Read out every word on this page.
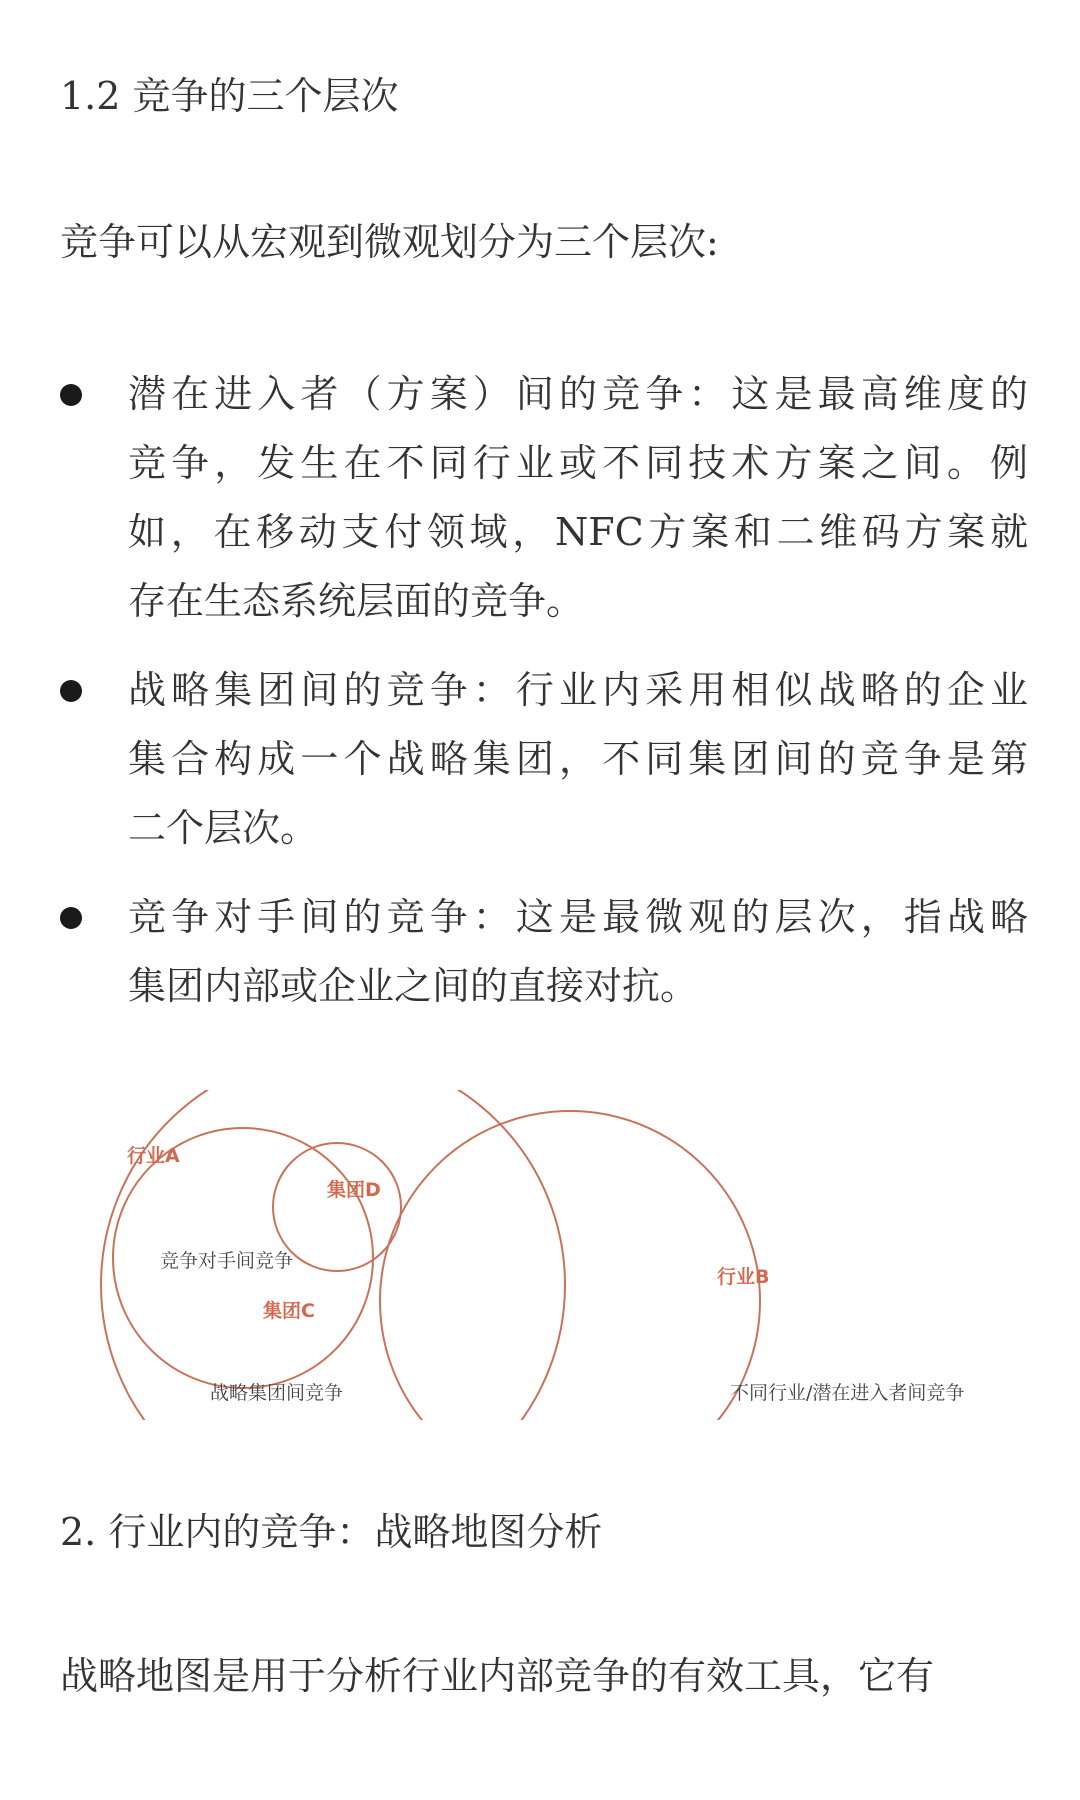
1.2 竞争的三个层次

竞争可以从宏观到微观划分为三个层次:

潜在进入者（方案）间的竞争：这是最高维度的
竞争，发生在不同行业或不同技术方案之间。例
如，在移动支付领域，NFC方案和二维码方案就
存在生态系统层面的竞争。
战略集团间的竞争：行业内采用相似战略的企业
集合构成一个战略集团，不同集团间的竞争是第
二个层次。
竞争对手间的竞争：这是最微观的层次，指战略
集团内部或企业之间的直接对抗。
行业A
集团D
竞争对手间竞争
集团C
战略集团间竞争
行业B
不同行业/潜在进入者间竞争
2. 行业内的竞争：战略地图分析

战略地图是用于分析行业内部竞争的有效工具，它有
